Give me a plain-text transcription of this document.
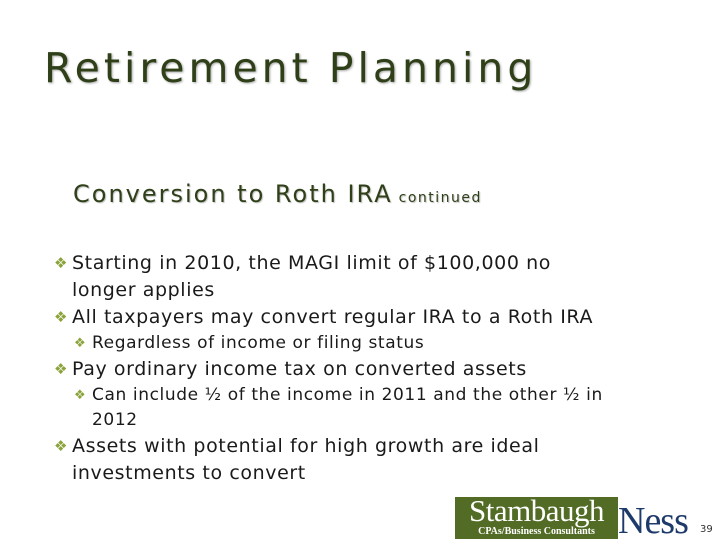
Retirement Planning
Conversion to Roth IRA continued
❖ Starting in 2010, the MAGI limit of $100,000 no
longer applies
❖ All taxpayers may convert regular IRA to a Roth IRA
❖ Regardless of income or filing status
❖ Pay ordinary income tax on converted assets
❖ Can include ½ of the income in 2011 and the other ½ in
2012
❖ Assets with potential for high growth are ideal
investments to convert
Stambaugh
CPAs/Business Consultants Ness 39
